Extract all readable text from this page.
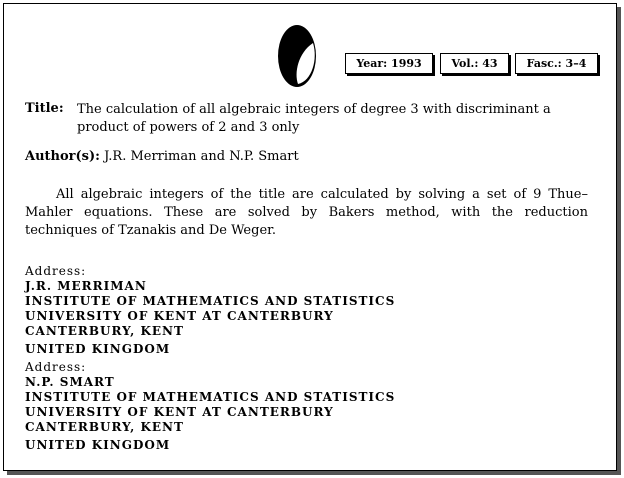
Year: 1993	Vol.: 43	Fasc.: 3–4
Title: The calculation of all algebraic integers of degree 3 with discriminant a product of powers of 2 and 3 only
Author(s): J.R. Merriman and N.P. Smart
All algebraic integers of the title are calculated by solving a set of 9 Thue–Mahler equations. These are solved by Bakers method, with the reduction techniques of Tzanakis and De Weger.
Address:
J.R. MERRIMAN
INSTITUTE OF MATHEMATICS AND STATISTICS
UNIVERSITY OF KENT AT CANTERBURY
CANTERBURY, KENT
UNITED KINGDOM
Address:
N.P. SMART
INSTITUTE OF MATHEMATICS AND STATISTICS
UNIVERSITY OF KENT AT CANTERBURY
CANTERBURY, KENT
UNITED KINGDOM
